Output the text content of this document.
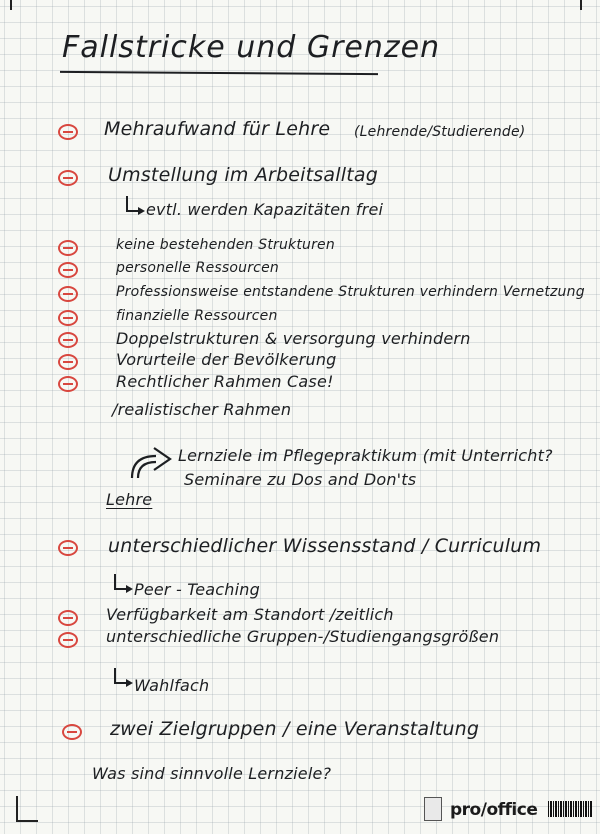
Fallstricke und Grenzen
Mehraufwand für Lehre (Lehrende/Studierende)
Umstellung im Arbeitsalltag
evtl. werden Kapazitäten frei
keine bestehenden Strukturen
personelle Ressourcen
Professionsweise entstandene Strukturen verhindern Vernetzung
finanzielle Ressourcen
Doppelstrukturen & versorgung verhindern
Vorurteile der Bevölkerung
Rechtlicher Rahmen Case!
/realistischer Rahmen
Lernziele im Pflegepraktikum (mit Unterricht?
Seminare zu Dos and Don'ts
Lehre
unterschiedlicher Wissensstand / Curriculum
Peer - Teaching
Verfügbarkeit am Standort /zeitlich
unterschiedliche Gruppen-/Studiengangsgrößen
Wahlfach
zwei Zielgruppen / eine Veranstaltung
Was sind sinnvolle Lernziele?
pro/office
